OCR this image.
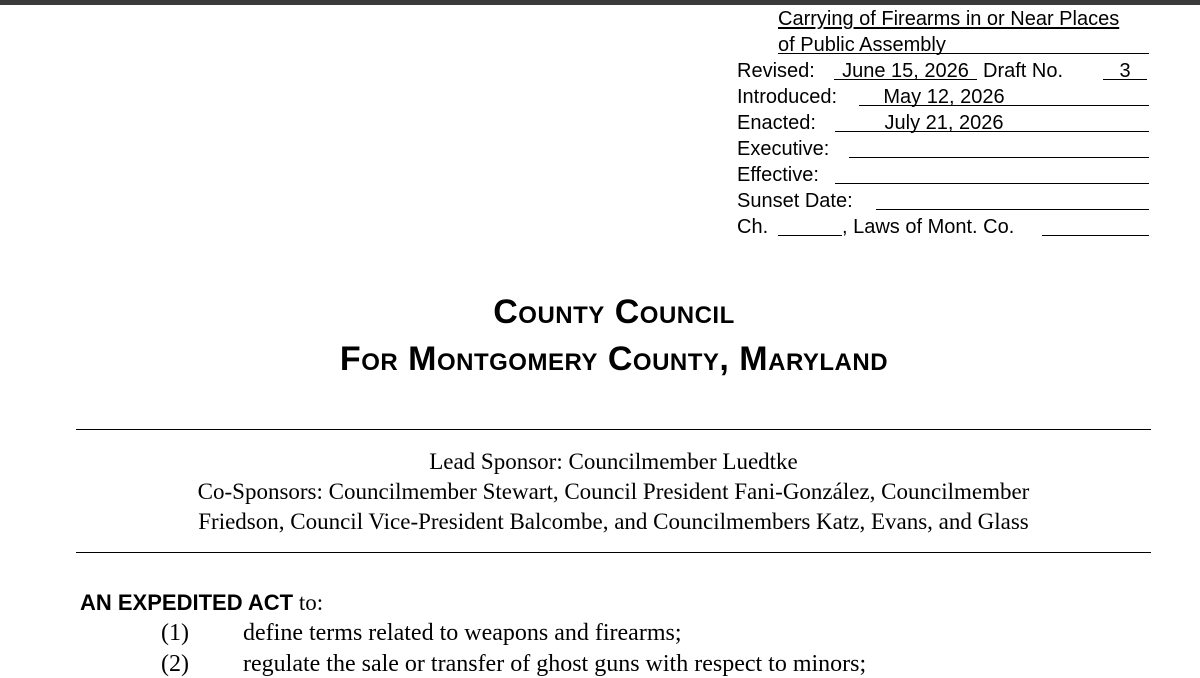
Carrying of Firearms in or Near Places
of Public Assembly
Revised:	June 15, 2026 Draft No.	3
Introduced:	May 12, 2026
Enacted:	July 21, 2026
Executive:
Effective:
Sunset Date:
Ch.	, Laws of Mont. Co.
County Council
For Montgomery County, Maryland
Lead Sponsor: Councilmember Luedtke
Co-Sponsors: Councilmember Stewart, Council President Fani-González, Councilmember
Friedson, Council Vice-President Balcombe, and Councilmembers Katz, Evans, and Glass
AN EXPEDITED ACT to:
(1) define terms related to weapons and firearms;
(2) regulate the sale or transfer of ghost guns with respect to minors;
